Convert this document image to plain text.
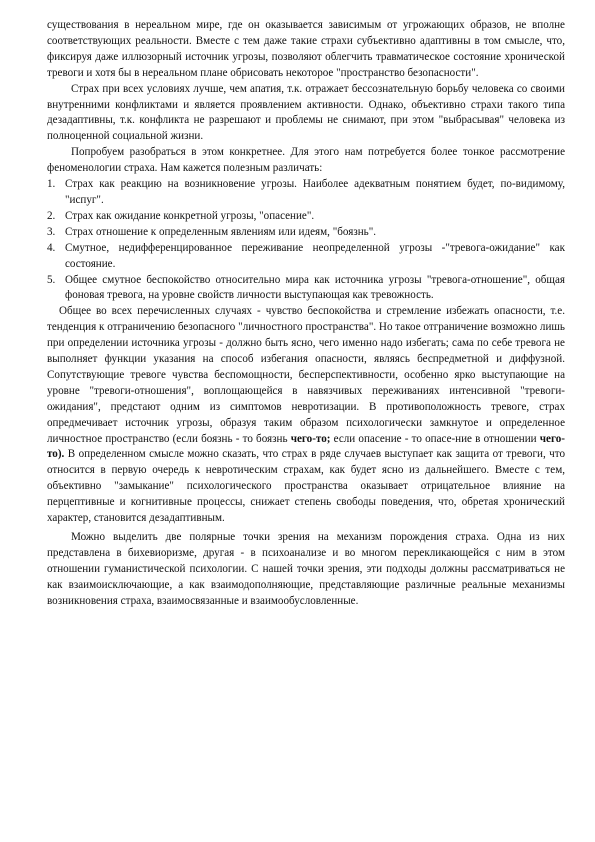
существования в нереальном мире, где он оказывается зависимым от угрожающих образов, не вполне соответствующих реальности. Вместе с тем даже такие страхи субъективно адаптивны в том смысле, что, фиксируя даже иллюзорный источник угрозы, позволяют облегчить травматическое состояние хронической тревоги и хотя бы в нереальном плане обрисовать некоторое "пространство безопасности".

Страх при всех условиях лучше, чем апатия, т.к. отражает бессознательную борьбу человека со своими внутренними конфликтами и является проявлением активности. Однако, объективно страхи такого типа дезадаптивны, т.к. конфликта не разрешают и проблемы не снимают, при этом "выбрасывая" человека из полноценной социальной жизни.

Попробуем разобраться в этом конкретнее. Для этого нам потребуется более тонкое рассмотрение феноменологии страха. Нам кажется полезным различать:

1. Страх как реакцию на возникновение угрозы. Наиболее адекватным понятием будет, по-видимому, "испуг".
2. Страх как ожидание конкретной угрозы, "опасение".
3. Страх отношение к определенным явлениям или идеям, "боязнь".
4. Смутное, недифференцированное переживание неопределенной угрозы -"тревога-ожидание" как состояние.
5. Общее смутное беспокойство относительно мира как источника угрозы "тревога-отношение", общая фоновая тревога, на уровне свойств личности выступающая как тревожность.

Общее во всех перечисленных случаях - чувство беспокойства и стремление избежать опасности, т.е. тенденция к отграничению безопасного "личностного пространства". Но такое отграничение возможно лишь при определении источника угрозы - должно быть ясно, чего именно надо избегать; сама по себе тревога не выполняет функции указания на способ избегания опасности, являясь беспредметной и диффузной. Сопутствующие тревоге чувства беспомощности, бесперспективности, особенно ярко выступающие на уровне "тревоги-отношения", воплощающейся в навязчивых переживаниях интенсивной "тревоги-ожидания", предстают одним из симптомов невротизации. В противоположность тревоге, страх опредмечивает источник угрозы, образуя таким образом психологически замкнутое и определенное личностное пространство (если боязнь - то боязнь чего-то; если опасение - то опасе-ние в отношении чего-то). В определенном смысле можно сказать, что страх в ряде случаев выступает как защита от тревоги, что относится в первую очередь к невротическим страхам, как будет ясно из дальнейшего. Вместе с тем, объективно "замыкание" психологического пространства оказывает отрицательное влияние на перцептивные и когнитивные процессы, снижает степень свободы поведения, что, обретая хронический характер, становится дезадаптивным.

Можно выделить две полярные точки зрения на механизм порождения страха. Одна из них представлена в бихевиоризме, другая - в психоанализе и во многом перекликающейся с ним в этом отношении гуманистической психологии. С нашей точки зрения, эти подходы должны рассматриваться не как взаимоисключающие, а как взаимодополняющие, представляющие различные реальные механизмы возникновения страха, взаимосвязанные и взаимообусловленные.
